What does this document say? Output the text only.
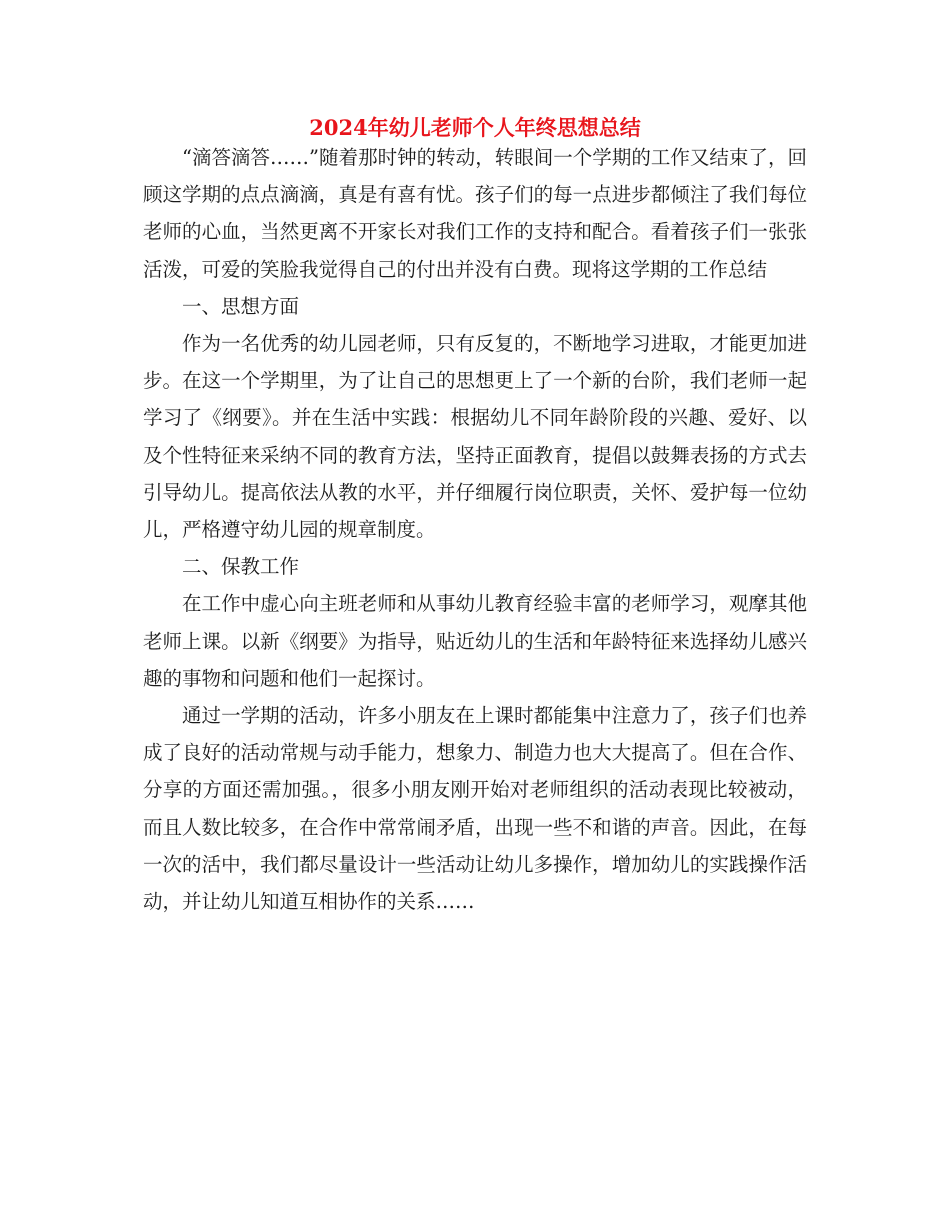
2024年幼儿老师个人年终思想总结

“滴答滴答……”随着那时钟的转动，转眼间一个学期的工作又结束了，回顾这学期的点点滴滴，真是有喜有忧。孩子们的每一点进步都倾注了我们每位老师的心血，当然更离不开家长对我们工作的支持和配合。看着孩子们一张张活泼，可爱的笑脸我觉得自己的付出并没有白费。现将这学期的工作总结

一、思想方面

作为一名优秀的幼儿园老师，只有反复的，不断地学习进取，才能更加进步。在这一个学期里，为了让自己的思想更上了一个新的台阶，我们老师一起学习了《纲要》。并在生活中实践：根据幼儿不同年龄阶段的兴趣、爱好、以及个性特征来采纳不同的教育方法，坚持正面教育，提倡以鼓舞表扬的方式去引导幼儿。提高依法从教的水平，并仔细履行岗位职责，关怀、爱护每一位幼儿，严格遵守幼儿园的规章制度。

二、保教工作

在工作中虚心向主班老师和从事幼儿教育经验丰富的老师学习，观摩其他老师上课。以新《纲要》为指导，贴近幼儿的生活和年龄特征来选择幼儿感兴趣的事物和问题和他们一起探讨。

通过一学期的活动，许多小朋友在上课时都能集中注意力了，孩子们也养成了良好的活动常规与动手能力，想象力、制造力也大大提高了。但在合作、分享的方面还需加强。，很多小朋友刚开始对老师组织的活动表现比较被动，而且人数比较多，在合作中常常闹矛盾，出现一些不和谐的声音。因此，在每一次的活中，我们都尽量设计一些活动让幼儿多操作，增加幼儿的实践操作活动，并让幼儿知道互相协作的关系……
